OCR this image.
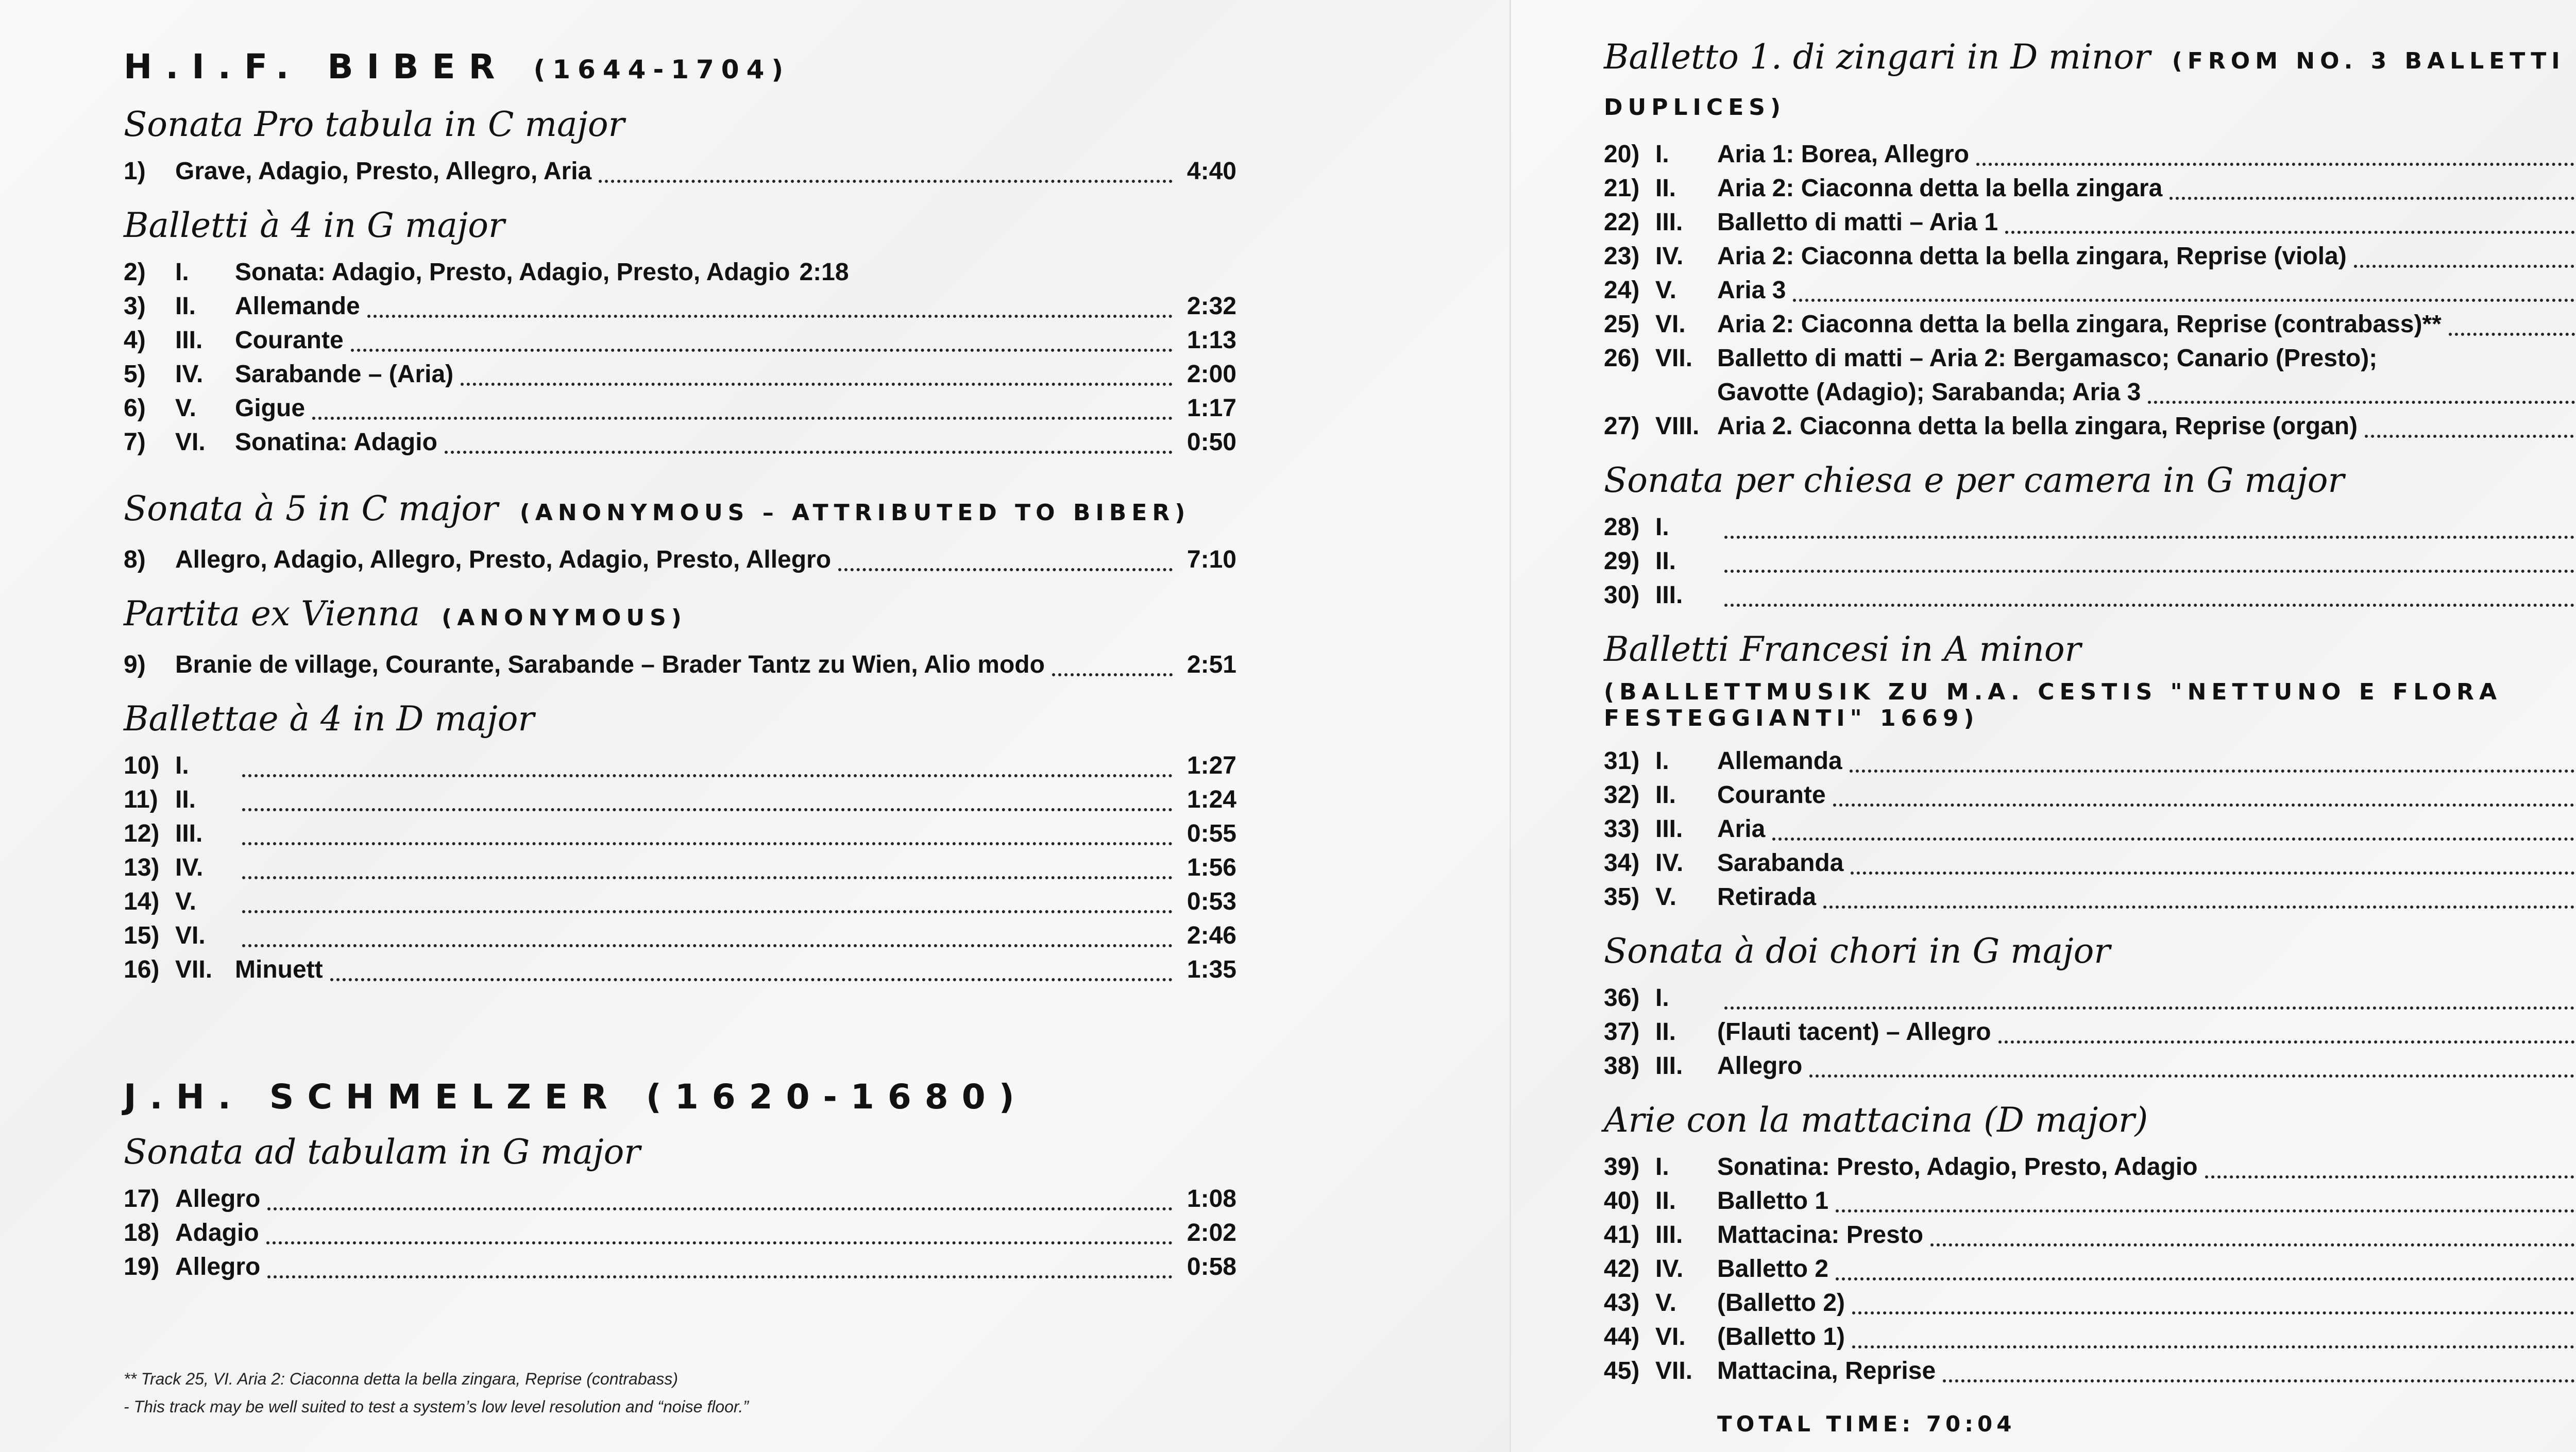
H.I.F. BIBER (1644-1704)
Sonata Pro tabula in C major
1)	Grave, Adagio, Presto, Allegro, Aria	4:40
Balletti à 4 in G major
2)	I.	Sonata: Adagio, Presto, Adagio, Presto, Adagio 2:18
3)	II.	Allemande	2:32
4)	III.	Courante	1:13
5)	IV.	Sarabande – (Aria)	2:00
6)	V.	Gigue	1:17
7)	VI.	Sonatina: Adagio	0:50
Sonata à 5 in C major (ANONYMOUS – ATTRIBUTED TO BIBER)
8)	Allegro, Adagio, Allegro, Presto, Adagio, Presto, Allegro	7:10
Partita ex Vienna (ANONYMOUS)
9)	Branie de village, Courante, Sarabande – Brader Tantz zu Wien, Alio modo	2:51
Ballettae à 4 in D major
10) I.	1:27
11) II.	1:24
12) III.	0:55
13) IV.	1:56
14) V.	0:53
15) VI.	2:46
16) VII. Minuett	1:35
J.H. SCHMELZER (1620-1680)
Sonata ad tabulam in G major
17) Allegro	1:08
18) Adagio	2:02
19) Allegro	0:58
** Track 25, VI. Aria 2: Ciaconna detta la bella zingara, Reprise (contrabass)
- This track may be well suited to test a system’s low level resolution and “noise floor.”
Balletto 1. di zingari in D minor (FROM NO. 3 BALLETTI DUPLICES)
20) I.	Aria 1: Borea, Allegro
21) II.	Aria 2: Ciaconna detta la bella zingara
22) III.	Balletto di matti – Aria 1
23) IV.	Aria 2: Ciaconna detta la bella zingara, Reprise (viola)
24) V.	Aria 3
25) VI.	Aria 2: Ciaconna detta la bella zingara, Reprise (contrabass)**
26) VII. Balletto di matti – Aria 2: Bergamasco; Canario (Presto);
Gavotte (Adagio); Sarabanda; Aria 3
27) VIII. Aria 2. Ciaconna detta la bella zingara, Reprise (organ)
Sonata per chiesa e per camera in G major
28) I.
29) II.
30) III.
Balletti Francesi in A minor
(BALLETTMUSIK ZU M.A. CESTIS "NETTUNO E FLORA FESTEGGIANTI" 1669)
31) I.	Allemanda
32) II.	Courante
33) III.	Aria
34) IV.	Sarabanda
35) V.	Retirada
Sonata à doi chori in G major
36) I.
37) II.	(Flauti tacent) – Allegro
38) III.	Allegro
Arie con la mattacina (D major)
39) I.	Sonatina: Presto, Adagio, Presto, Adagio
40) II.	Balletto 1
41) III.	Mattacina: Presto
42) IV.	Balletto 2
43) V.	(Balletto 2)
44) VI.	(Balletto 1)
45) VII. Mattacina, Reprise
TOTAL TIME: 70:04
